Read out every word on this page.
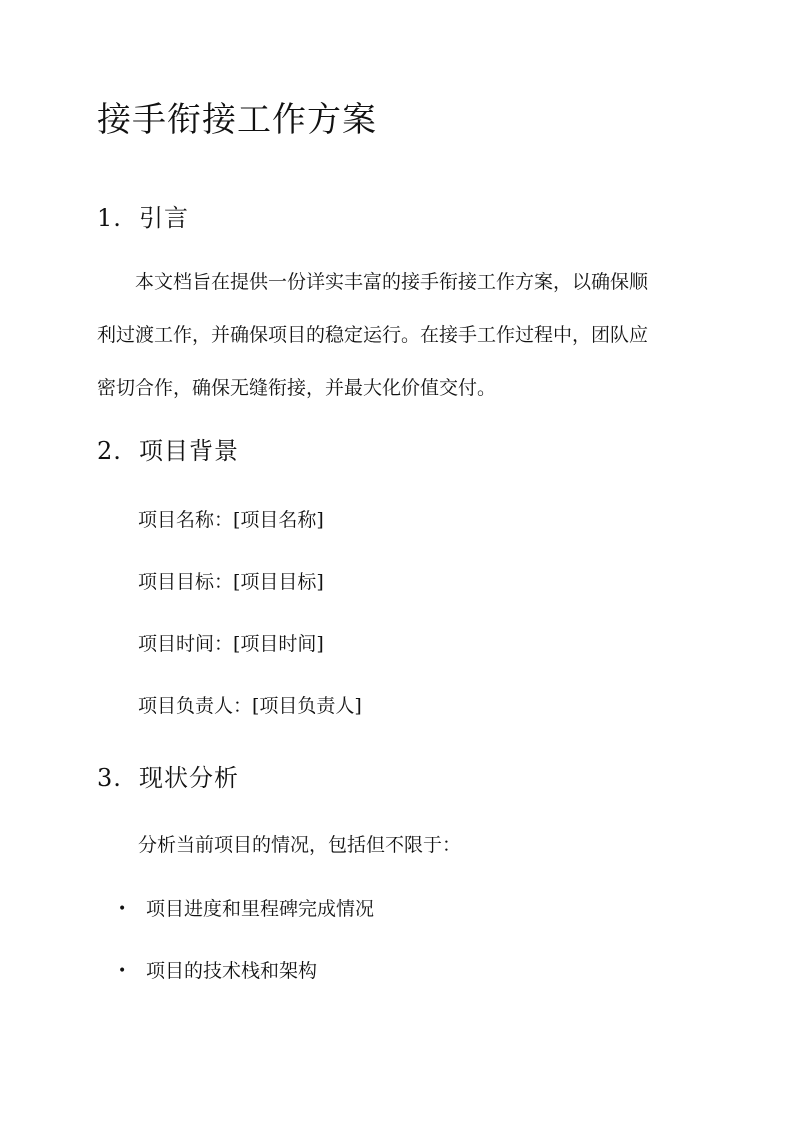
接手衔接工作方案
1. 引言
　　本文档旨在提供一份详实丰富的接手衔接工作方案，以确保顺
利过渡工作，并确保项目的稳定运行。在接手工作过程中，团队应
密切合作，确保无缝衔接，并最大化价值交付。
2. 项目背景
项目名称：[项目名称]
项目目标：[项目目标]
项目时间：[项目时间]
项目负责人：[项目负责人]
3. 现状分析
分析当前项目的情况，包括但不限于：
• 项目进度和里程碑完成情况
• 项目的技术栈和架构
